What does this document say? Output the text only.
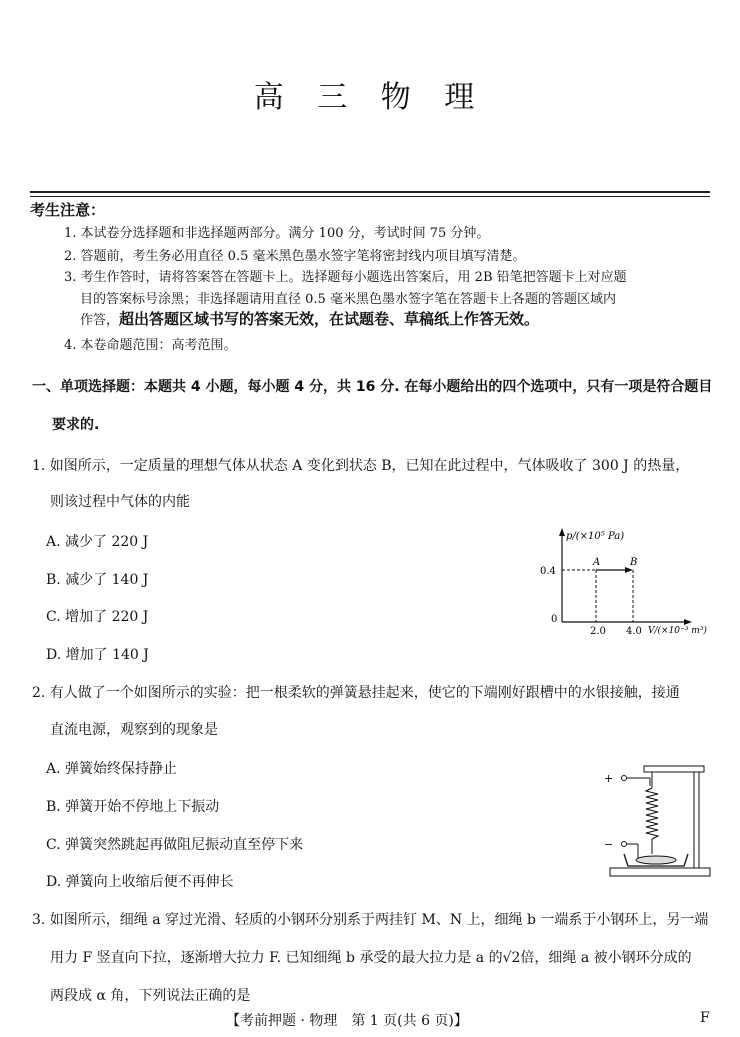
高 三 物 理
考生注意：
1. 本试卷分选择题和非选择题两部分。满分 100 分，考试时间 75 分钟。
2. 答题前，考生务必用直径 0.5 毫米黑色墨水签字笔将密封线内项目填写清楚。
3. 考生作答时，请将答案答在答题卡上。选择题每小题选出答案后，用 2B 铅笔把答题卡上对应题
目的答案标号涂黑；非选择题请用直径 0.5 毫米黑色墨水签字笔在答题卡上各题的答题区域内
作答，超出答题区域书写的答案无效，在试题卷、草稿纸上作答无效。
4. 本卷命题范围：高考范围。
一、单项选择题：本题共 4 小题，每小题 4 分，共 16 分. 在每小题给出的四个选项中，只有一项是符合题目
要求的.
1. 如图所示，一定质量的理想气体从状态 A 变化到状态 B，已知在此过程中，气体吸收了 300 J 的热量，
则该过程中气体的内能
A. 减少了 220 J
B. 减少了 140 J
C. 增加了 220 J
D. 增加了 140 J
p/(×10⁵ Pa)
0.4
0
2.0 4.0 V/(×10⁻³ m³)
A	B
2. 有人做了一个如图所示的实验：把一根柔软的弹簧悬挂起来，使它的下端刚好跟槽中的水银接触，接通
直流电源，观察到的现象是
A. 弹簧始终保持静止
B. 弹簧开始不停地上下振动
C. 弹簧突然跳起再做阻尼振动直至停下来
D. 弹簧向上收缩后便不再伸长
+
−
3. 如图所示，细绳 a 穿过光滑、轻质的小钢环分别系于两挂钉 M、N 上，细绳 b 一端系于小钢环上，另一端
用力 F 竖直向下拉，逐渐增大拉力 F. 已知细绳 b 承受的最大拉力是 a 的√2倍，细绳 a 被小钢环分成的
两段成 α 角，下列说法正确的是
【考前押题 · 物理　第 1 页(共 6 页)】	F
